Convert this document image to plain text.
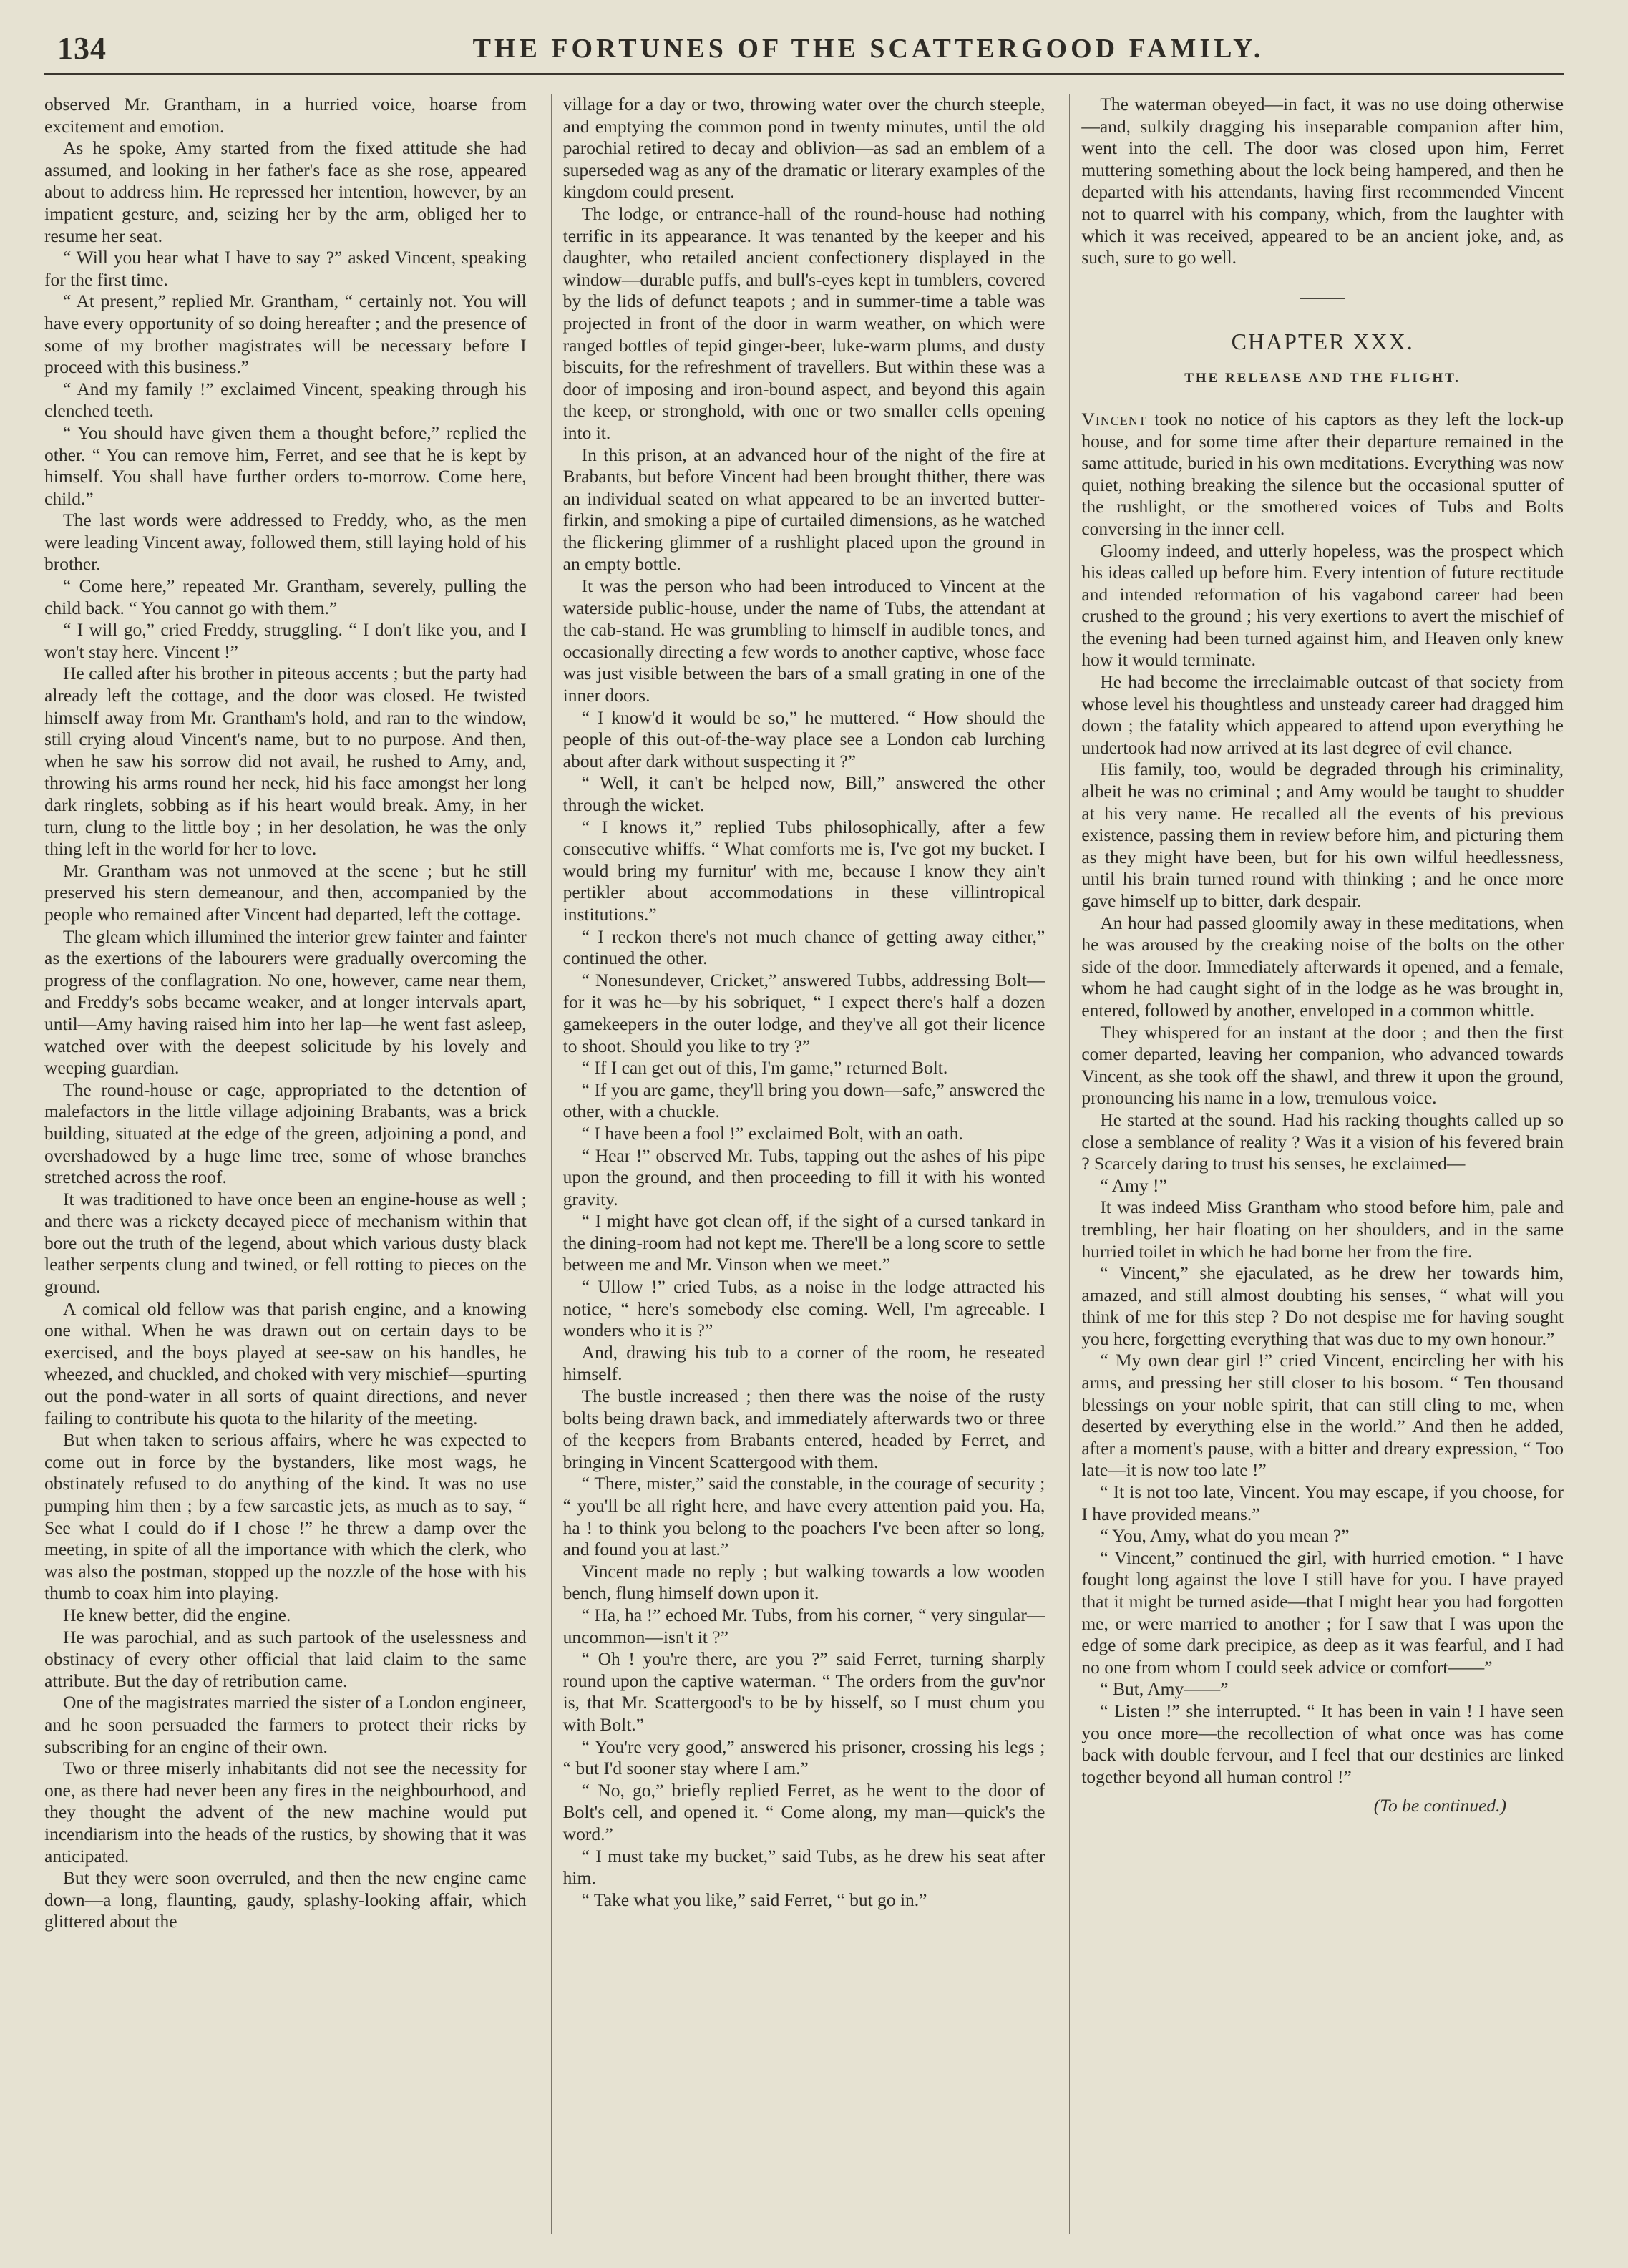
134	THE FORTUNES OF THE SCATTERGOOD FAMILY.

observed Mr. Grantham, in a hurried voice, hoarse from excitement and emotion.

As he spoke, Amy started from the fixed attitude she had assumed, and looking in her father's face as she rose, appeared about to address him. He repressed her intention, however, by an impatient gesture, and, seizing her by the arm, obliged her to resume her seat.

“ Will you hear what I have to say ?” asked Vincent, speaking for the first time.

“ At present,” replied Mr. Grantham, “ certainly not. You will have every opportunity of so doing hereafter ; and the presence of some of my brother magistrates will be necessary before I proceed with this business.”

“ And my family !” exclaimed Vincent, speaking through his clenched teeth.

“ You should have given them a thought before,” replied the other. “ You can remove him, Ferret, and see that he is kept by himself. You shall have further orders to-morrow. Come here, child.”

The last words were addressed to Freddy, who, as the men were leading Vincent away, followed them, still laying hold of his brother.

“ Come here,” repeated Mr. Grantham, severely, pulling the child back. “ You cannot go with them.”

“ I will go,” cried Freddy, struggling. “ I don't like you, and I won't stay here. Vincent !”

He called after his brother in piteous accents ; but the party had already left the cottage, and the door was closed. He twisted himself away from Mr. Grantham's hold, and ran to the window, still crying aloud Vincent's name, but to no purpose. And then, when he saw his sorrow did not avail, he rushed to Amy, and, throwing his arms round her neck, hid his face amongst her long dark ringlets, sobbing as if his heart would break. Amy, in her turn, clung to the little boy ; in her desolation, he was the only thing left in the world for her to love.

Mr. Grantham was not unmoved at the scene ; but he still preserved his stern demeanour, and then, accompanied by the people who remained after Vincent had departed, left the cottage.

The gleam which illumined the interior grew fainter and fainter as the exertions of the labourers were gradually overcoming the progress of the conflagration. No one, however, came near them, and Freddy's sobs became weaker, and at longer intervals apart, until—Amy having raised him into her lap—he went fast asleep, watched over with the deepest solicitude by his lovely and weeping guardian.

The round-house or cage, appropriated to the detention of malefactors in the little village adjoining Brabants, was a brick building, situated at the edge of the green, adjoining a pond, and overshadowed by a huge lime tree, some of whose branches stretched across the roof.

It was traditioned to have once been an engine-house as well ; and there was a rickety decayed piece of mechanism within that bore out the truth of the legend, about which various dusty black leather serpents clung and twined, or fell rotting to pieces on the ground.

A comical old fellow was that parish engine, and a knowing one withal. When he was drawn out on certain days to be exercised, and the boys played at see-saw on his handles, he wheezed, and chuckled, and choked with very mischief—spurting out the pond-water in all sorts of quaint directions, and never failing to contribute his quota to the hilarity of the meeting.

But when taken to serious affairs, where he was expected to come out in force by the bystanders, like most wags, he obstinately refused to do anything of the kind. It was no use pumping him then ; by a few sarcastic jets, as much as to say, “ See what I could do if I chose !” he threw a damp over the meeting, in spite of all the importance with which the clerk, who was also the postman, stopped up the nozzle of the hose with his thumb to coax him into playing.

He knew better, did the engine.

He was parochial, and as such partook of the uselessness and obstinacy of every other official that laid claim to the same attribute. But the day of retribution came.

One of the magistrates married the sister of a London engineer, and he soon persuaded the farmers to protect their ricks by subscribing for an engine of their own.

Two or three miserly inhabitants did not see the necessity for one, as there had never been any fires in the neighbourhood, and they thought the advent of the new machine would put incendiarism into the heads of the rustics, by showing that it was anticipated.

But they were soon overruled, and then the new engine came down—a long, flaunting, gaudy, splashy-looking affair, which glittered about the

village for a day or two, throwing water over the church steeple, and emptying the common pond in twenty minutes, until the old parochial retired to decay and oblivion—as sad an emblem of a superseded wag as any of the dramatic or literary examples of the kingdom could present.

The lodge, or entrance-hall of the round-house had nothing terrific in its appearance. It was tenanted by the keeper and his daughter, who retailed ancient confectionery displayed in the window—durable puffs, and bull's-eyes kept in tumblers, covered by the lids of defunct teapots ; and in summer-time a table was projected in front of the door in warm weather, on which were ranged bottles of tepid ginger-beer, luke-warm plums, and dusty biscuits, for the refreshment of travellers. But within these was a door of imposing and iron-bound aspect, and beyond this again the keep, or stronghold, with one or two smaller cells opening into it.

In this prison, at an advanced hour of the night of the fire at Brabants, but before Vincent had been brought thither, there was an individual seated on what appeared to be an inverted butter-firkin, and smoking a pipe of curtailed dimensions, as he watched the flickering glimmer of a rushlight placed upon the ground in an empty bottle.

It was the person who had been introduced to Vincent at the waterside public-house, under the name of Tubs, the attendant at the cab-stand. He was grumbling to himself in audible tones, and occasionally directing a few words to another captive, whose face was just visible between the bars of a small grating in one of the inner doors.

“ I know'd it would be so,” he muttered. “ How should the people of this out-of-the-way place see a London cab lurching about after dark without suspecting it ?”

“ Well, it can't be helped now, Bill,” answered the other through the wicket.

“ I knows it,” replied Tubs philosophically, after a few consecutive whiffs. “ What comforts me is, I've got my bucket. I would bring my furnitur' with me, because I know they ain't pertikler about accommodations in these villintropical institutions.”

“ I reckon there's not much chance of getting away either,” continued the other.

“ Nonesundever, Cricket,” answered Tubbs, addressing Bolt—for it was he—by his sobriquet, “ I expect there's half a dozen gamekeepers in the outer lodge, and they've all got their licence to shoot. Should you like to try ?”

“ If I can get out of this, I'm game,” returned Bolt.

“ If you are game, they'll bring you down—safe,” answered the other, with a chuckle.

“ I have been a fool !” exclaimed Bolt, with an oath.

“ Hear !” observed Mr. Tubs, tapping out the ashes of his pipe upon the ground, and then proceeding to fill it with his wonted gravity.

“ I might have got clean off, if the sight of a cursed tankard in the dining-room had not kept me. There'll be a long score to settle between me and Mr. Vinson when we meet.”

“ Ullow !” cried Tubs, as a noise in the lodge attracted his notice, “ here's somebody else coming. Well, I'm agreeable. I wonders who it is ?”

And, drawing his tub to a corner of the room, he reseated himself.

The bustle increased ; then there was the noise of the rusty bolts being drawn back, and immediately afterwards two or three of the keepers from Brabants entered, headed by Ferret, and bringing in Vincent Scattergood with them.

“ There, mister,” said the constable, in the courage of security ; “ you'll be all right here, and have every attention paid you. Ha, ha ! to think you belong to the poachers I've been after so long, and found you at last.”

Vincent made no reply ; but walking towards a low wooden bench, flung himself down upon it.

“ Ha, ha !” echoed Mr. Tubs, from his corner, “ very singular—uncommon—isn't it ?”

“ Oh ! you're there, are you ?” said Ferret, turning sharply round upon the captive waterman. “ The orders from the guv'nor is, that Mr. Scattergood's to be by hisself, so I must chum you with Bolt.”

“ You're very good,” answered his prisoner, crossing his legs ; “ but I'd sooner stay where I am.”

“ No, go,” briefly replied Ferret, as he went to the door of Bolt's cell, and opened it. “ Come along, my man—quick's the word.”

“ I must take my bucket,” said Tubs, as he drew his seat after him.

“ Take what you like,” said Ferret, “ but go in.”

The waterman obeyed—in fact, it was no use doing otherwise—and, sulkily dragging his inseparable companion after him, went into the cell. The door was closed upon him, Ferret muttering something about the lock being hampered, and then he departed with his attendants, having first recommended Vincent not to quarrel with his company, which, from the laughter with which it was received, appeared to be an ancient joke, and, as such, sure to go well.

CHAPTER XXX.
THE RELEASE AND THE FLIGHT.

Vincent took no notice of his captors as they left the lock-up house, and for some time after their departure remained in the same attitude, buried in his own meditations. Everything was now quiet, nothing breaking the silence but the occasional sputter of the rushlight, or the smothered voices of Tubs and Bolts conversing in the inner cell.

Gloomy indeed, and utterly hopeless, was the prospect which his ideas called up before him. Every intention of future rectitude and intended reformation of his vagabond career had been crushed to the ground ; his very exertions to avert the mischief of the evening had been turned against him, and Heaven only knew how it would terminate.

He had become the irreclaimable outcast of that society from whose level his thoughtless and unsteady career had dragged him down ; the fatality which appeared to attend upon everything he undertook had now arrived at its last degree of evil chance.

His family, too, would be degraded through his criminality, albeit he was no criminal ; and Amy would be taught to shudder at his very name. He recalled all the events of his previous existence, passing them in review before him, and picturing them as they might have been, but for his own wilful heedlessness, until his brain turned round with thinking ; and he once more gave himself up to bitter, dark despair.

An hour had passed gloomily away in these meditations, when he was aroused by the creaking noise of the bolts on the other side of the door. Immediately afterwards it opened, and a female, whom he had caught sight of in the lodge as he was brought in, entered, followed by another, enveloped in a common whittle.

They whispered for an instant at the door ; and then the first comer departed, leaving her companion, who advanced towards Vincent, as she took off the shawl, and threw it upon the ground, pronouncing his name in a low, tremulous voice.

He started at the sound. Had his racking thoughts called up so close a semblance of reality ? Was it a vision of his fevered brain ? Scarcely daring to trust his senses, he exclaimed—

“ Amy !”

It was indeed Miss Grantham who stood before him, pale and trembling, her hair floating on her shoulders, and in the same hurried toilet in which he had borne her from the fire.

“ Vincent,” she ejaculated, as he drew her towards him, amazed, and still almost doubting his senses, “ what will you think of me for this step ? Do not despise me for having sought you here, forgetting everything that was due to my own honour.”

“ My own dear girl !” cried Vincent, encircling her with his arms, and pressing her still closer to his bosom. “ Ten thousand blessings on your noble spirit, that can still cling to me, when deserted by everything else in the world.” And then he added, after a moment's pause, with a bitter and dreary expression, “ Too late—it is now too late !”

“ It is not too late, Vincent. You may escape, if you choose, for I have provided means.”

“ You, Amy, what do you mean ?”

“ Vincent,” continued the girl, with hurried emotion. “ I have fought long against the love I still have for you. I have prayed that it might be turned aside—that I might hear you had forgotten me, or were married to another ; for I saw that I was upon the edge of some dark precipice, as deep as it was fearful, and I had no one from whom I could seek advice or comfort——”

“ But, Amy——”

“ Listen !” she interrupted. “ It has been in vain ! I have seen you once more—the recollection of what once was has come back with double fervour, and I feel that our destinies are linked together beyond all human control !”

(To be continued.)
